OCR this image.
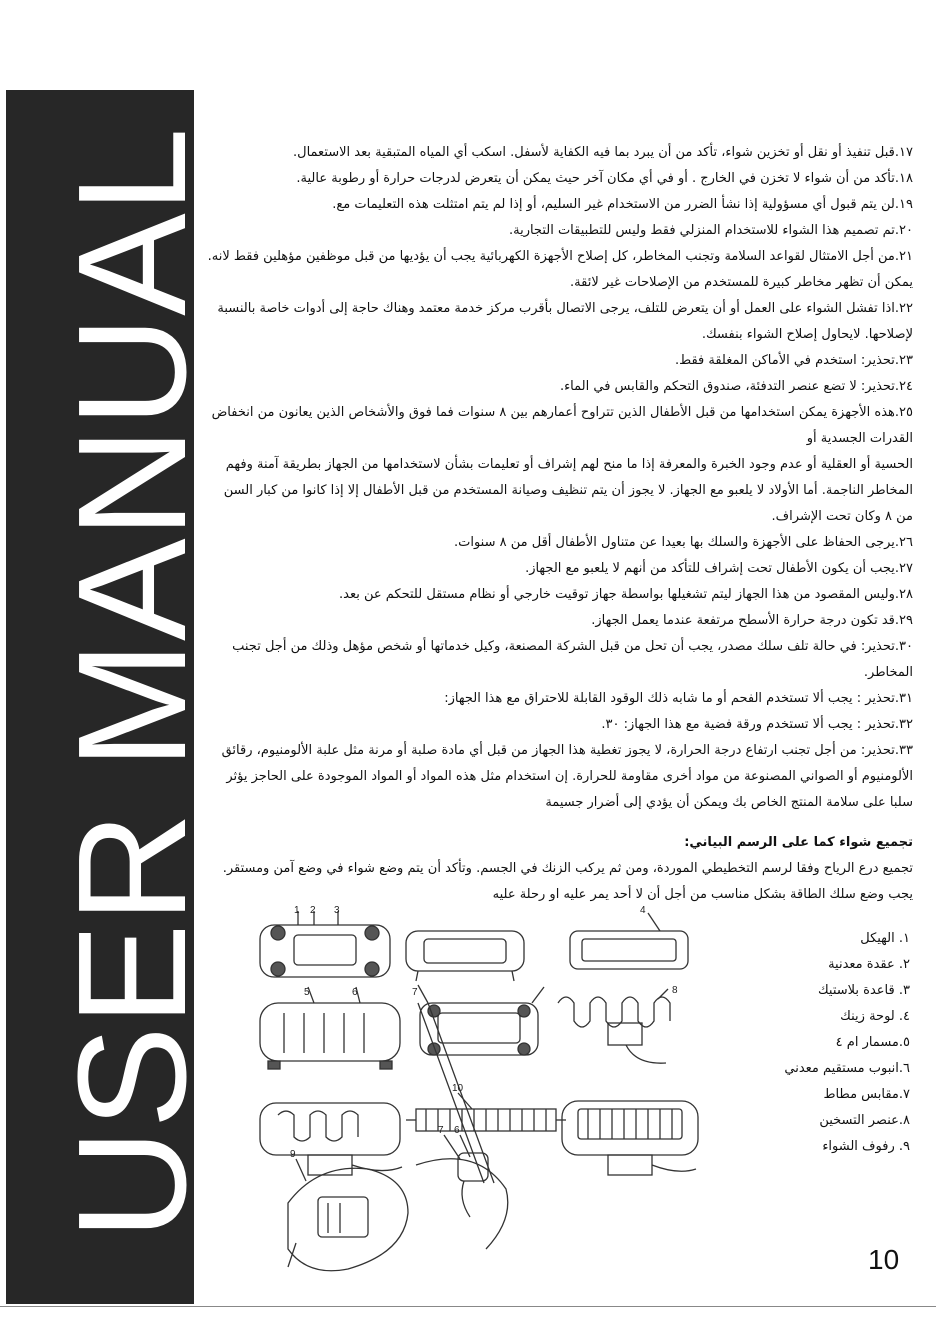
USER MANUAL	١٧.قبل تنفيذ أو نقل أو تخزين شواء، تأكد من أن يبرد بما فيه الكفاية لأسفل. اسكب أي المياه المتبقية بعد الاستعمال.

١٨.تأكد من أن شواء لا تخزن في الخارج . أو في أي مكان آخر حيث يمكن أن يتعرض لدرجات حرارة أو رطوبة عالية.

١٩.لن يتم قبول أي مسؤولية إذا نشأ الضرر من الاستخدام غير السليم، أو إذا لم يتم امتثلت هذه التعليمات مع.

٢٠.تم تصميم هذا الشواء للاستخدام المنزلي فقط وليس للتطبيقات التجارية.

٢١.من أجل الامتثال لقواعد السلامة وتجنب المخاطر، كل إصلاح الأجهزة الكهربائية يجب أن يؤديها من قبل موظفين مؤهلين فقط لانه. يمكن أن تظهر مخاطر كبيرة للمستخدم من الإصلاحات غير لائقة.

٢٢.اذا تفشل الشواء على العمل أو أن يتعرض للتلف، يرجى الاتصال بأقرب مركز خدمة معتمد وهناك حاجة إلى أدوات خاصة بالنسبة لإصلاحها. لايحاول إصلاح الشواء بنفسك.

٢٣.تحذير: استخدم في الأماكن المغلقة فقط.

٢٤.تحذير: لا تضع عنصر التدفئة، صندوق التحكم والقابس في الماء.

٢٥.هذه الأجهزة يمكن استخدامها من قبل الأطفال الذين تتراوح أعمارهم بين ٨ سنوات فما فوق والأشخاص الذين يعانون من انخفاض القدرات الجسدية أو

الحسية أو العقلية أو عدم وجود الخبرة والمعرفة إذا ما منح لهم إشراف أو تعليمات بشأن لاستخدامها من الجهاز بطريقة آمنة وفهم المخاطر الناجمة. أما الأولاد لا يلعبو مع الجهاز. لا يجوز أن يتم تنظيف وصيانة المستخدم من قبل الأطفال إلا إذا كانوا من كبار السن من ٨ وكان تحت الإشراف.

٢٦.يرجى الحفاظ على الأجهزة والسلك بها بعيدا عن متناول الأطفال أقل من ٨ سنوات.

٢٧.يجب أن يكون الأطفال تحت إشراف للتأكد من أنهم لا يلعبو مع الجهاز.

٢٨.وليس المقصود من هذا الجهاز ليتم تشغيلها بواسطة جهاز توقيت خارجي أو نظام مستقل للتحكم عن بعد.

٢٩.قد تكون درجة حرارة الأسطح مرتفعة عندما يعمل الجهاز.

٣٠.تحذير: في حالة تلف سلك مصدر، يجب أن تحل من قبل الشركة المصنعة، وكيل خدماتها أو شخص مؤهل وذلك من أجل تجنب المخاطر.

٣١.تحذير : يجب ألا تستخدم الفحم أو ما شابه ذلك الوقود القابلة للاحتراق مع هذا الجهاز:

٣٢.تحذير : يجب ألا تستخدم ورقة فضية مع هذا الجهاز: ٣٠.

٣٣.تحذير: من أجل تجنب ارتفاع درجة الحرارة، لا يجوز تغطية هذا الجهاز من قبل أي مادة صلبة أو مرنة مثل علبة الألومنيوم، رقائق الألومنيوم أو الصواني المصنوعة من مواد أخرى مقاومة للحرارة. إن استخدام مثل هذه المواد أو المواد الموجودة على الحاجز يؤثر سلبا على سلامة المنتج الخاص بك ويمكن أن يؤدي إلى أضرار جسيمة

تجميع شواء كما على الرسم البياني:

تجميع درع الرياح وفقا لرسم التخطيطي الموردة، ومن ثم يركب الزنك في الجسم. وتأكد أن يتم وضع شواء في وضع آمن ومستقر. يجب وضع سلك الطاقة بشكل مناسب من أجل أن لا أحد يمر عليه او رحلة عليه

١. الهيكل
٢. عقدة معدنية
٣. قاعدة بلاستيك
٤. لوحة زينك
٥.مسمار ام ٤
٦.انبوب مستقيم معدني
٧.مقابس مطاط
٨.عنصر التسخين
٩. رفوف الشواء
1 2 3	4
5	6	7	8
10
7 6
9
10
